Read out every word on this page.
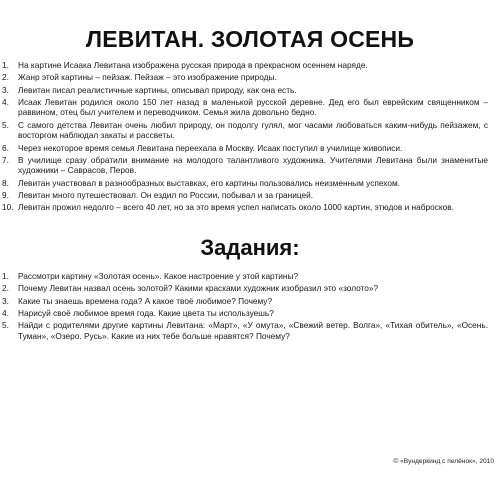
ЛЕВИТАН. ЗОЛОТАЯ ОСЕНЬ
1.	На картине Исаака Левитана изображена русская природа в прекрасном осеннем наряде.
2.	Жанр этой картины – пейзаж. Пейзаж – это изображение природы.
3.	Левитан писал реалистичные картины, описывал природу, как она есть.
4.	Исаак Левитан родился около 150 лет назад в маленькой русской деревне. Дед его был еврейским священником – раввином, отец был учителем и переводчиком. Семья жила довольно бедно.
5.	С самого детства Левитан очень любил природу, он подолгу гулял, мог часами любоваться каким-нибудь пейзажем, с восторгом наблюдал закаты и рассветы.
6.	Через некоторое время семья Левитана переехала в Москву. Исаак поступил в училище живописи.
7.	В училище сразу обратили внимание на молодого талантливого художника. Учителями Левитана были знаменитые художники – Саврасов, Перов.
8.	Левитан участвовал в разнообразных выставках, его картины пользовались неизменным успехом.
9.	Левитан много путешествовал. Он ездил по России, побывал и за границей.
10. Левитан прожил недолго – всего 40 лет, но за это время успел написать около 1000 картин, этюдов и набросков.
Задания:
1.	Рассмотри картину «Золотая осень». Какое настроение у этой картины?
2.	Почему Левитан назвал осень золотой? Какими красками художник изобразил это «золото»?
3.	Какие ты знаешь времена года? А какое твоё любимое? Почему?
4.	Нарисуй своё любимое время года. Какие цвета ты используешь?
5.	Найди с родителями другие картины Левитана: «Март», «У омута», «Свежий ветер. Волга», «Тихая обитель», «Осень. Туман», «Озеро. Русь». Какие из них тебе больше нравятся? Почему?
© «Вундеркинд с пелёнок», 2010
